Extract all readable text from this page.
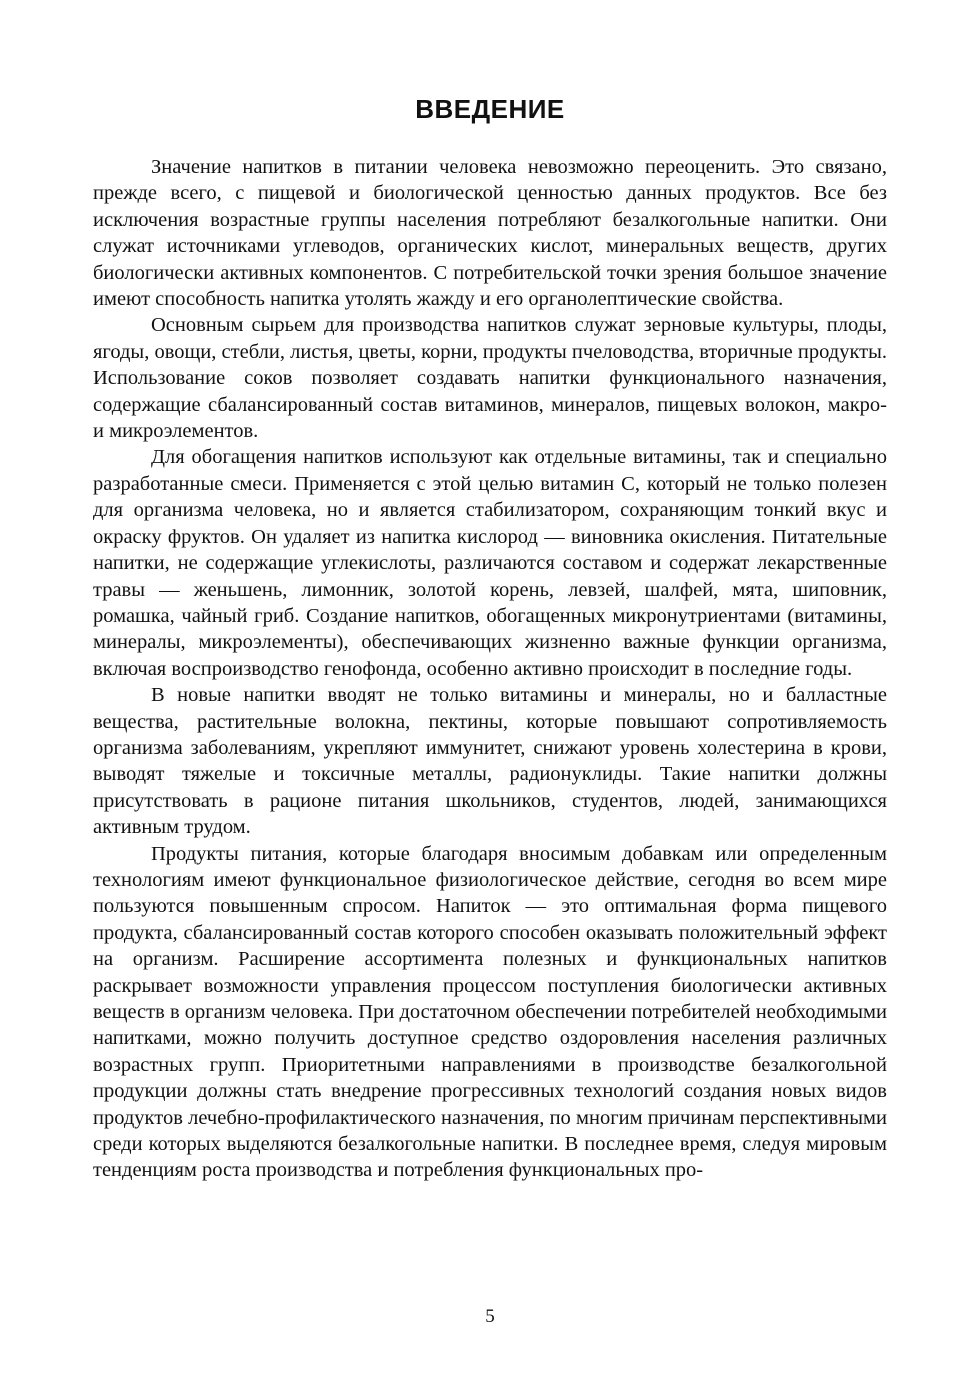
ВВЕДЕНИЕ

Значение напитков в питании человека невозможно переоценить. Это связано, прежде всего, с пищевой и биологической ценностью данных продуктов. Все без исключения возрастные группы населения потребляют безалкогольные напитки. Они служат источниками углеводов, органических кислот, минеральных веществ, других биологически активных компонентов. С потребительской точки зрения большое значение имеют способность напитка утолять жажду и его органолептические свойства.

Основным сырьем для производства напитков служат зерновые культуры, плоды, ягоды, овощи, стебли, листья, цветы, корни, продукты пчеловодства, вторичные продукты. Использование соков позволяет создавать напитки функционального назначения, содержащие сбалансированный состав витаминов, минералов, пищевых волокон, макро- и микроэлементов.

Для обогащения напитков используют как отдельные витамины, так и специально разработанные смеси. Применяется с этой целью витамин С, который не только полезен для организма человека, но и является стабилизатором, сохраняющим тонкий вкус и окраску фруктов. Он удаляет из напитка кислород — виновника окисления. Питательные напитки, не содержащие углекислоты, различаются составом и содержат лекарственные травы — женьшень, лимонник, золотой корень, левзей, шалфей, мята, шиповник, ромашка, чайный гриб. Создание напитков, обогащенных микронутриентами (витамины, минералы, микроэлементы), обеспечивающих жизненно важные функции организма, включая воспроизводство генофонда, особенно активно происходит в последние годы.

В новые напитки вводят не только витамины и минералы, но и балластные вещества, растительные волокна, пектины, которые повышают сопротивляемость организма заболеваниям, укрепляют иммунитет, снижают уровень холестерина в крови, выводят тяжелые и токсичные металлы, радионуклиды. Такие напитки должны присутствовать в рационе питания школьников, студентов, людей, занимающихся активным трудом.

Продукты питания, которые благодаря вносимым добавкам или определенным технологиям имеют функциональное физиологическое действие, сегодня во всем мире пользуются повышенным спросом. Напиток — это оптимальная форма пищевого продукта, сбалансированный состав которого способен оказывать положительный эффект на организм. Расширение ассортимента полезных и функциональных напитков раскрывает возможности управления процессом поступления биологически активных веществ в организм человека. При достаточном обеспечении потребителей необходимыми напитками, можно получить доступное средство оздоровления населения различных возрастных групп. Приоритетными направлениями в производстве безалкогольной продукции должны стать внедрение прогрессивных технологий создания новых видов продуктов лечебно-профилактического назначения, по многим причинам перспективными среди которых выделяются безалкогольные напитки. В последнее время, следуя мировым тенденциям роста производства и потребления функциональных про-

5
